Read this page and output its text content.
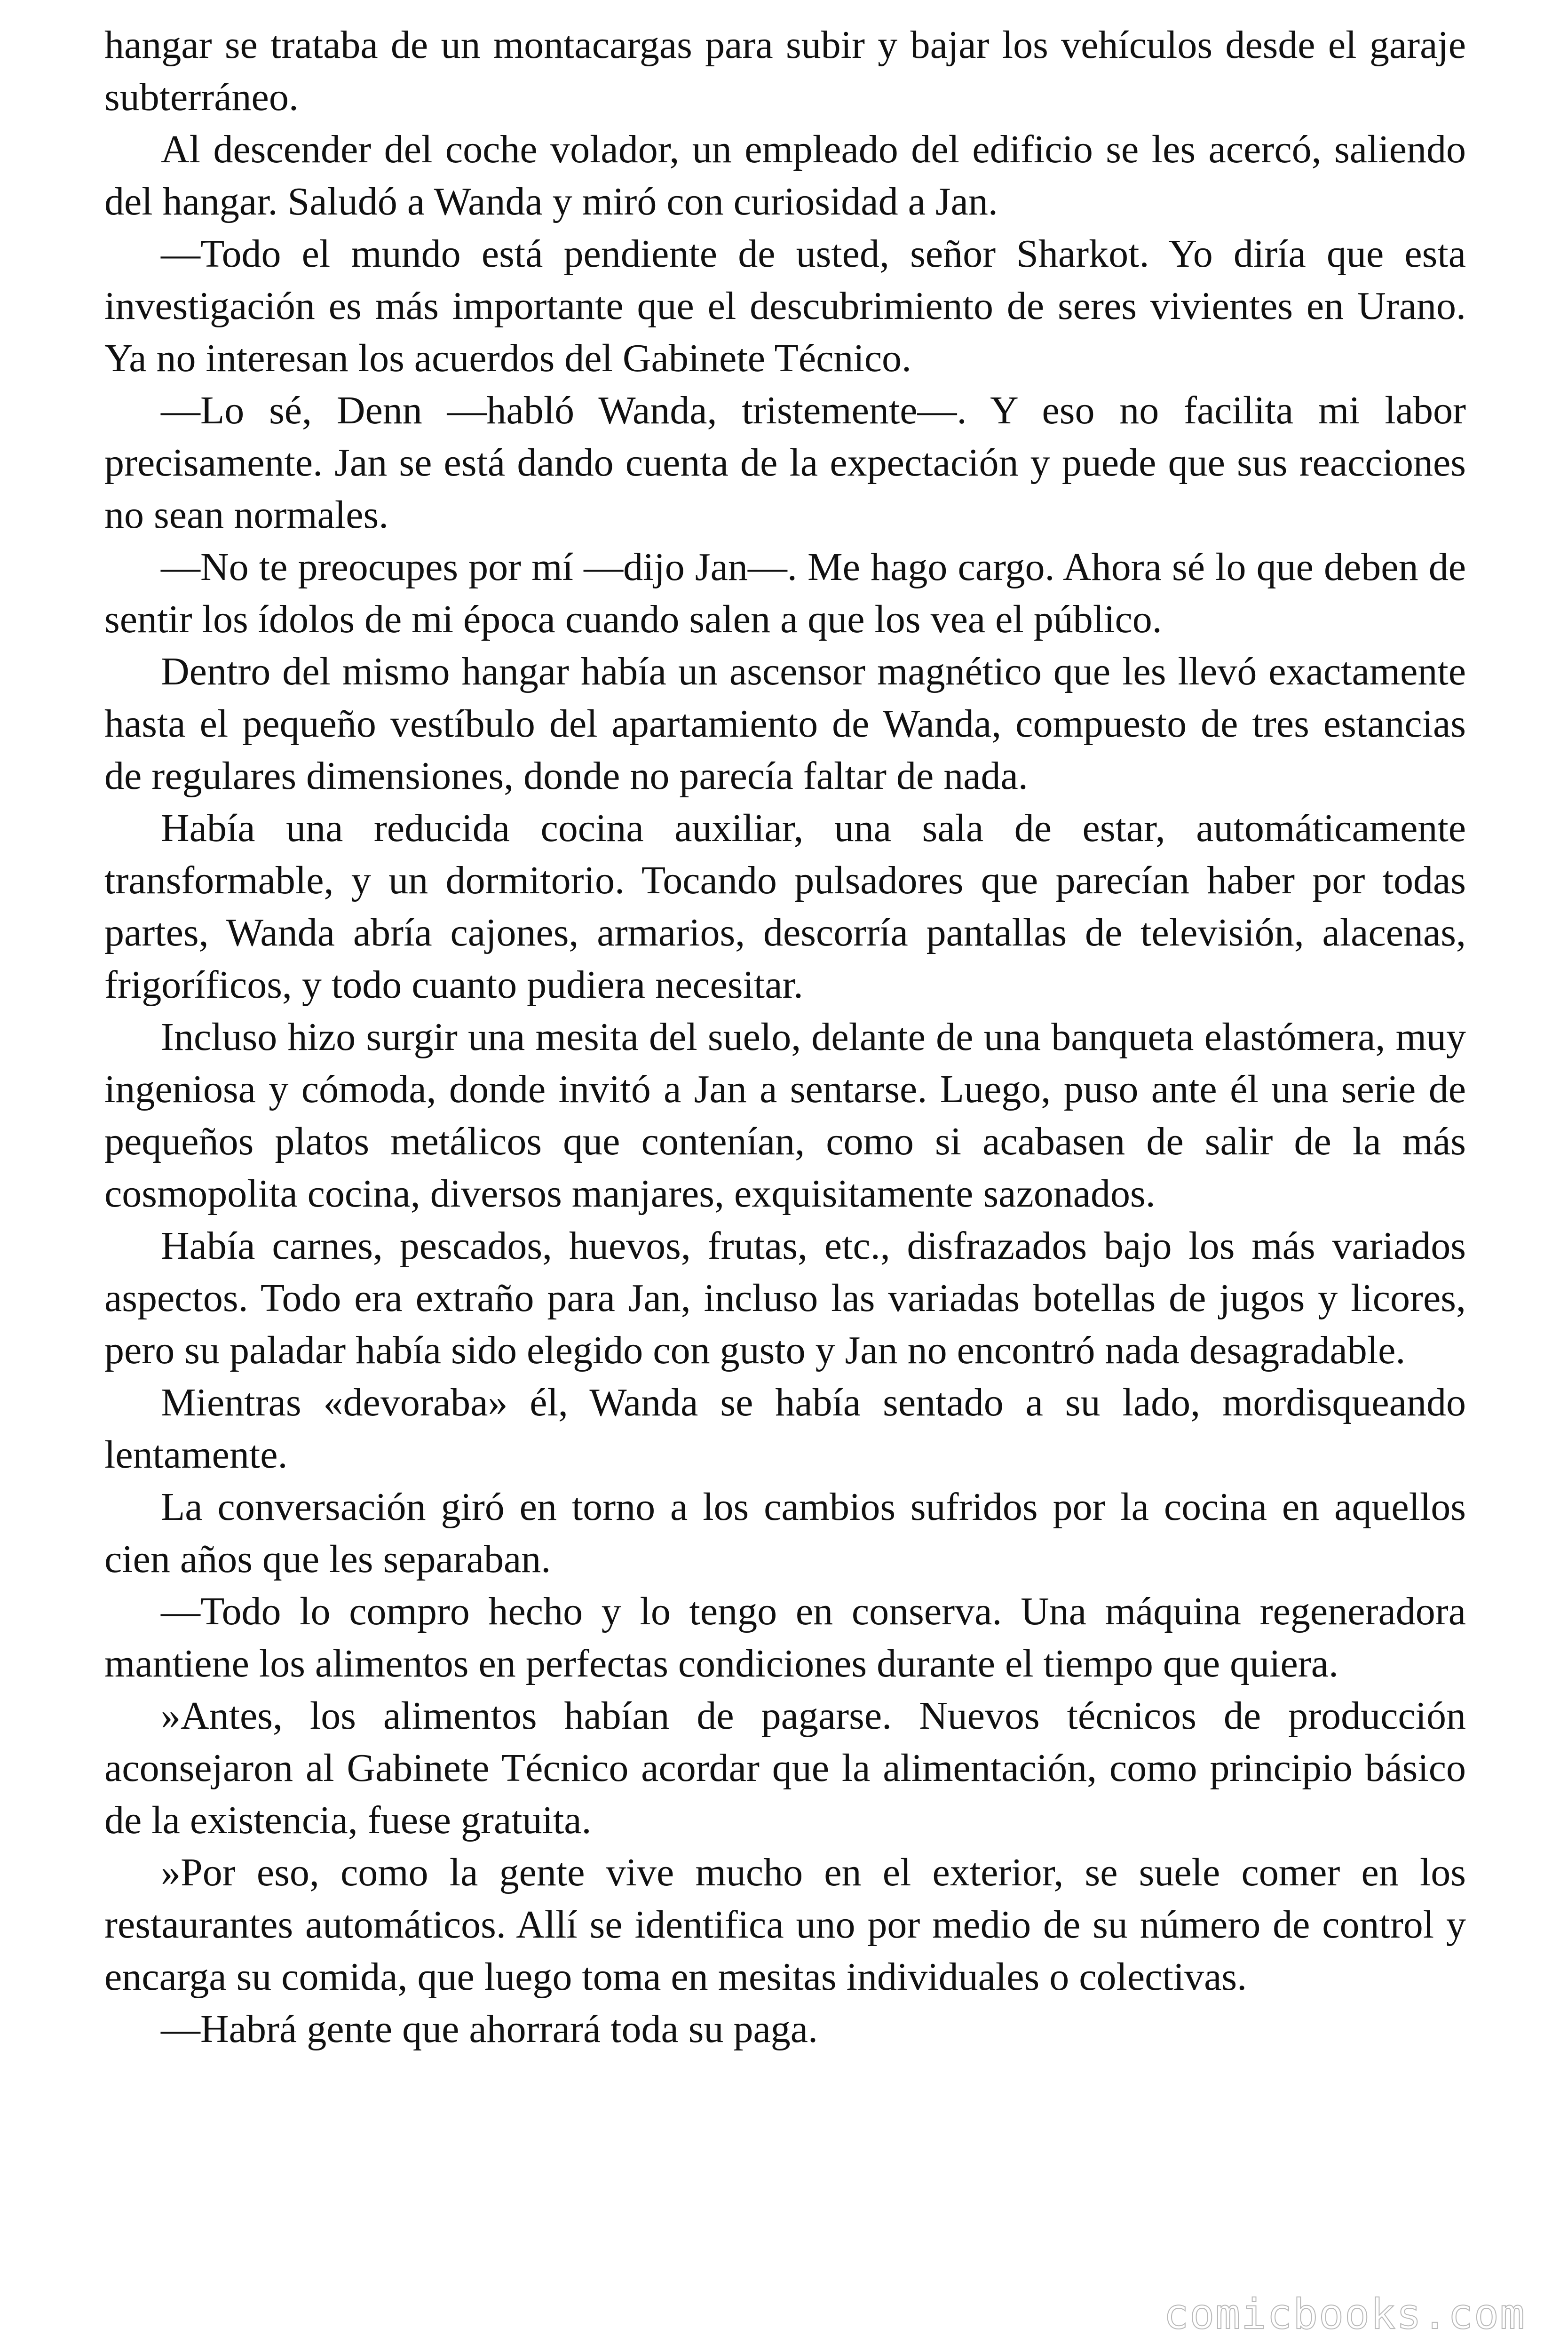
hangar se trataba de un montacargas para subir y bajar los vehículos desde el garaje subterráneo.

Al descender del coche volador, un empleado del edificio se les acercó, saliendo del hangar. Saludó a Wanda y miró con curiosidad a Jan.

—Todo el mundo está pendiente de usted, señor Sharkot. Yo diría que esta investigación es más importante que el descubrimiento de seres vivientes en Urano. Ya no interesan los acuerdos del Gabinete Técnico.

—Lo sé, Denn —habló Wanda, tristemente—. Y eso no facilita mi labor precisamente. Jan se está dando cuenta de la expectación y puede que sus reacciones no sean normales.

—No te preocupes por mí —dijo Jan—. Me hago cargo. Ahora sé lo que deben de sentir los ídolos de mi época cuando salen a que los vea el público.

Dentro del mismo hangar había un ascensor magnético que les llevó exactamente hasta el pequeño vestíbulo del apartamiento de Wanda, compuesto de tres estancias de regulares dimensiones, donde no parecía faltar de nada.

Había una reducida cocina auxiliar, una sala de estar, automáticamente transformable, y un dormitorio. Tocando pulsadores que parecían haber por todas partes, Wanda abría cajones, armarios, descorría pantallas de televisión, alacenas, frigoríficos, y todo cuanto pudiera necesitar.

Incluso hizo surgir una mesita del suelo, delante de una banqueta elastómera, muy ingeniosa y cómoda, donde invitó a Jan a sentarse. Luego, puso ante él una serie de pequeños platos metálicos que contenían, como si acabasen de salir de la más cosmopolita cocina, diversos manjares, exquisitamente sazonados.

Había carnes, pescados, huevos, frutas, etc., disfrazados bajo los más variados aspectos. Todo era extraño para Jan, incluso las variadas botellas de jugos y licores, pero su paladar había sido elegido con gusto y Jan no encontró nada desagradable.

Mientras «devoraba» él, Wanda se había sentado a su lado, mordisqueando lentamente.

La conversación giró en torno a los cambios sufridos por la cocina en aquellos cien años que les separaban.

—Todo lo compro hecho y lo tengo en conserva. Una máquina regeneradora mantiene los alimentos en perfectas condiciones durante el tiempo que quiera.

»Antes, los alimentos habían de pagarse. Nuevos técnicos de producción aconsejaron al Gabinete Técnico acordar que la alimentación, como principio básico de la existencia, fuese gratuita.

»Por eso, como la gente vive mucho en el exterior, se suele comer en los restaurantes automáticos. Allí se identifica uno por medio de su número de control y encarga su comida, que luego toma en mesitas individuales o colectivas.

—Habrá gente que ahorrará toda su paga.

comicbooks.com
